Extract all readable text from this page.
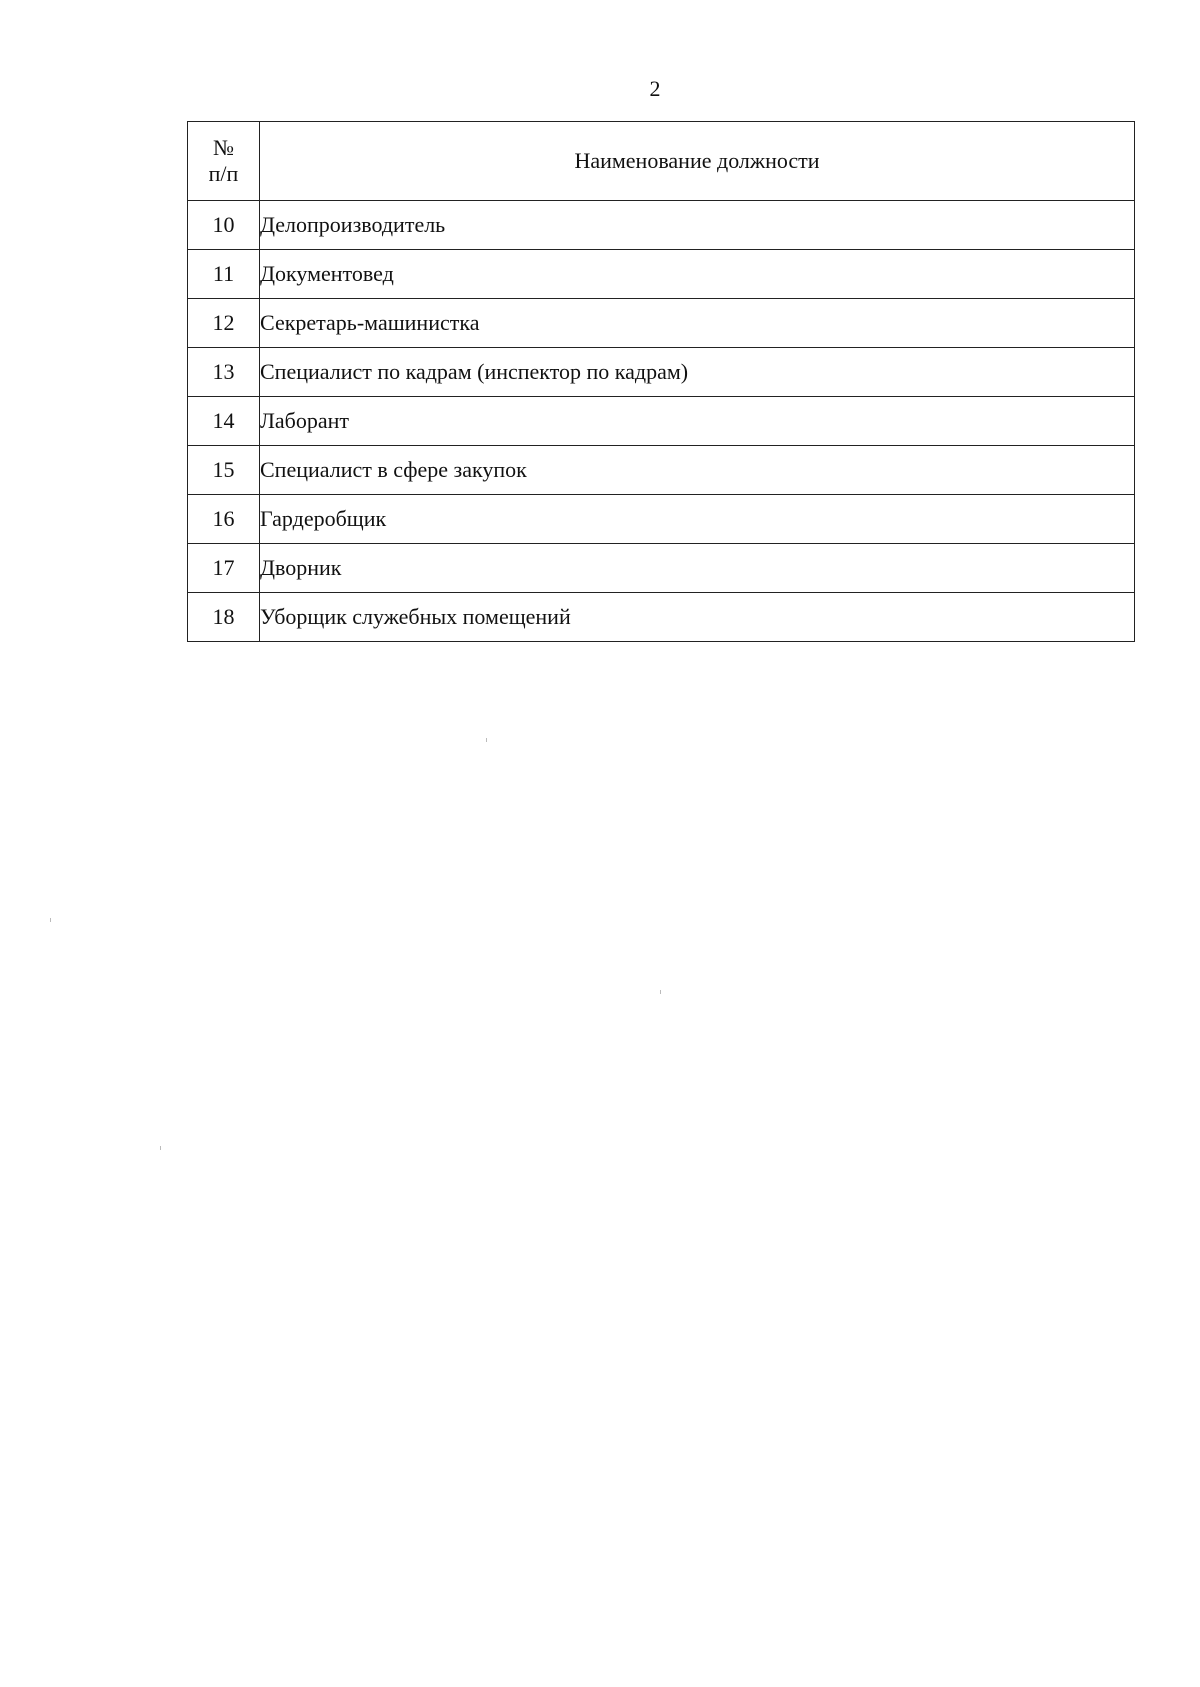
2
№
п/п	Наименование должности
10	Делопроизводитель
11	Документовед
12	Секретарь-машинистка
13	Специалист по кадрам (инспектор по кадрам)
14	Лаборант
15	Специалист в сфере закупок
16	Гардеробщик
17	Дворник
18	Уборщик служебных помещений
